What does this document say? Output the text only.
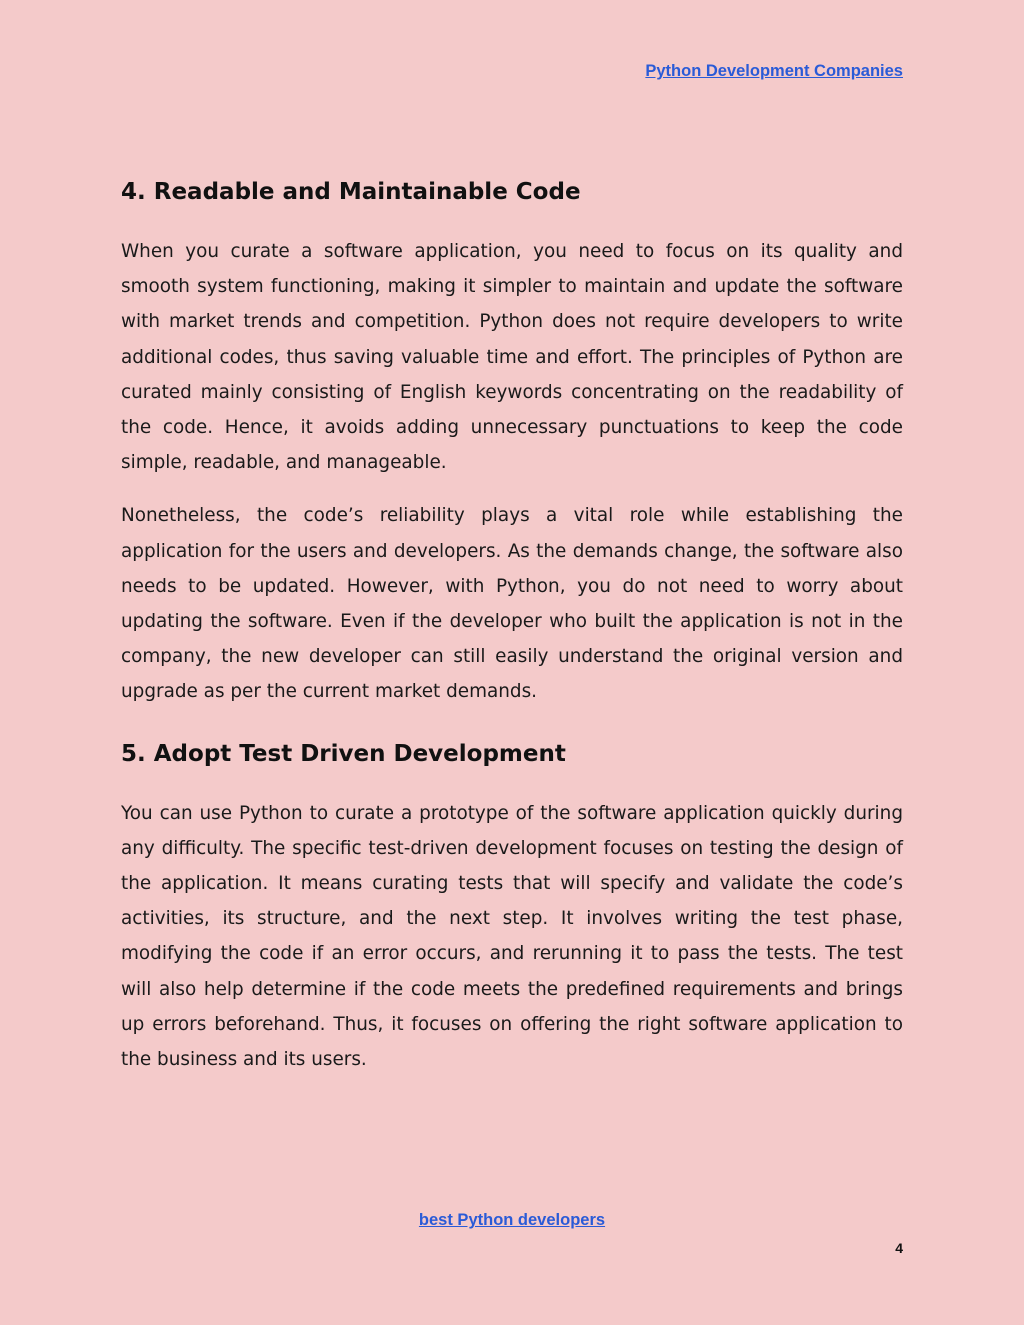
Python Development Companies
4. Readable and Maintainable Code

When you curate a software application, you need to focus on its quality and smooth system functioning, making it simpler to maintain and update the software with market trends and competition. Python does not require developers to write additional codes, thus saving valuable time and effort. The principles of Python are curated mainly consisting of English keywords concentrating on the readability of the code. Hence, it avoids adding unnecessary punctuations to keep the code simple, readable, and manageable.

Nonetheless, the code’s reliability plays a vital role while establishing the application for the users and developers. As the demands change, the software also needs to be updated. However, with Python, you do not need to worry about updating the software. Even if the developer who built the application is not in the company, the new developer can still easily understand the original version and upgrade as per the current market demands.

5. Adopt Test Driven Development

You can use Python to curate a prototype of the software application quickly during any difficulty. The specific test-driven development focuses on testing the design of the application. It means curating tests that will specify and validate the code’s activities, its structure, and the next step. It involves writing the test phase, modifying the code if an error occurs, and rerunning it to pass the tests. The test will also help determine if the code meets the predefined requirements and brings up errors beforehand. Thus, it focuses on offering the right software application to the business and its users.

best Python developers
4
